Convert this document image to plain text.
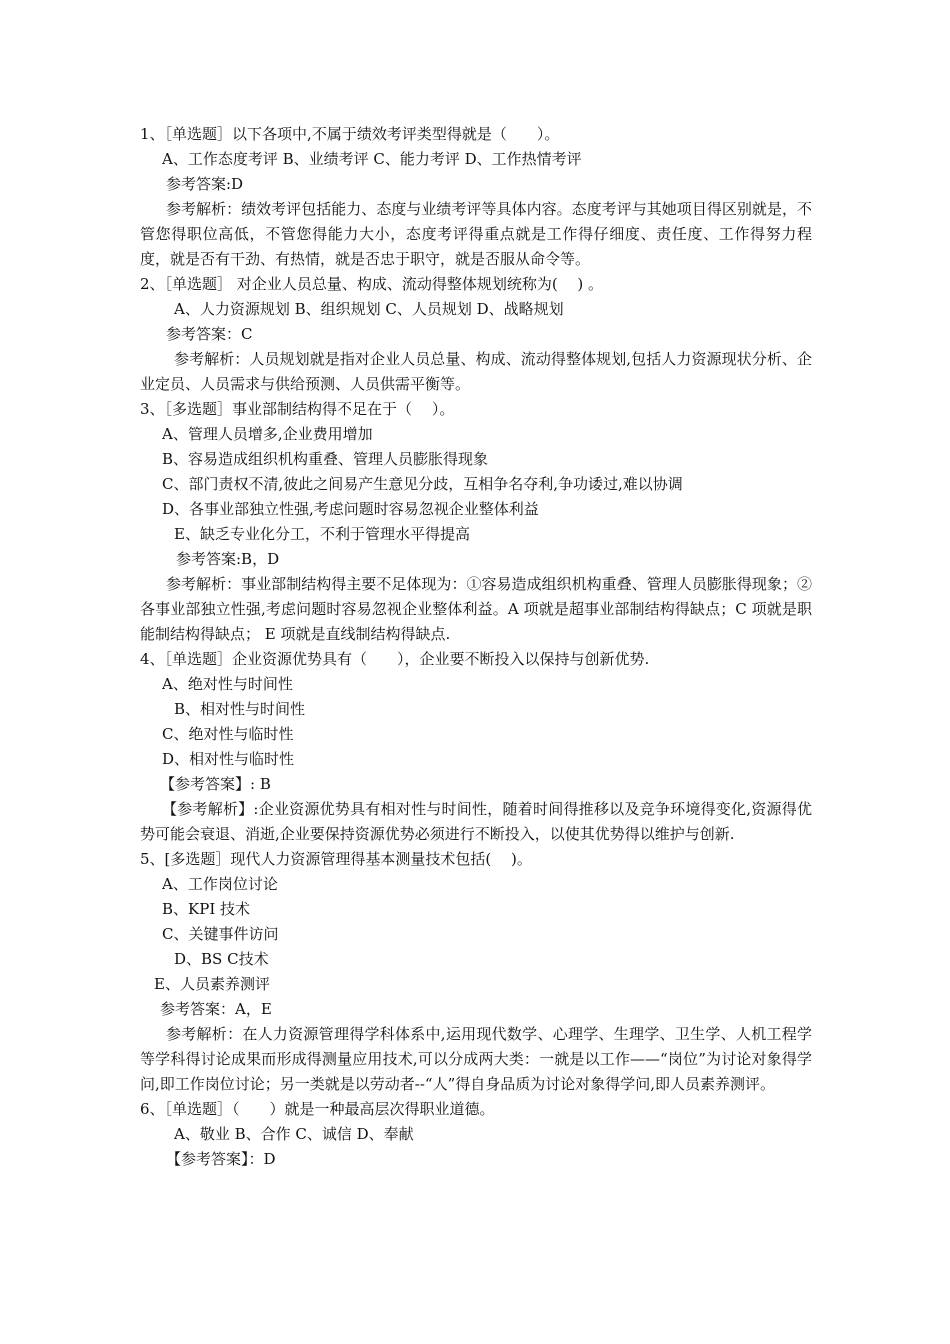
1、［单选题］以下各项中,不属于绩效考评类型得就是（　　）。
A、工作态度考评 B、业绩考评 C、能力考评 D、工作热情考评
参考答案:D
参考解析：绩效考评包括能力、态度与业绩考评等具体内容。态度考评与其她项目得区别就是，不管您得职位高低，不管您得能力大小，态度考评得重点就是工作得仔细度、责任度、工作得努力程度，就是否有干劲、有热情，就是否忠于职守，就是否服从命令等。
2、［单选题］ 对企业人员总量、构成、流动得整体规划统称为(　 ) 。
A、人力资源规划 B、组织规划 C、人员规划 D、战略规划
参考答案：C
参考解析：人员规划就是指对企业人员总量、构成、流动得整体规划,包括人力资源现状分析、企业定员、人员需求与供给预测、人员供需平衡等。
3、［多选题］事业部制结构得不足在于（　 ）。
A、管理人员增多,企业费用增加
B、容易造成组织机构重叠、管理人员膨胀得现象
C、部门责权不清,彼此之间易产生意见分歧，互相争名夺利,争功诿过,难以协调
D、各事业部独立性强,考虑问题时容易忽视企业整体利益
E、缺乏专业化分工，不利于管理水平得提高
参考答案:B，D
参考解析：事业部制结构得主要不足体现为：①容易造成组织机构重叠、管理人员膨胀得现象；②各事业部独立性强,考虑问题时容易忽视企业整体利益。A 项就是超事业部制结构得缺点；C 项就是职能制结构得缺点； E 项就是直线制结构得缺点.
4、［单选题］企业资源优势具有（　　），企业要不断投入以保持与创新优势.
A、绝对性与时间性
B、相对性与时间性
C、绝对性与临时性
D、相对性与临时性
【参考答案】: B
【参考解析】:企业资源优势具有相对性与时间性，随着时间得推移以及竞争环境得变化,资源得优势可能会衰退、消逝,企业要保持资源优势必须进行不断投入，以使其优势得以维护与创新.
5、[多选题］现代人力资源管理得基本测量技术包括(　 )。
A、工作岗位讨论
B、KPI 技术
C、关键事件访问
D、BS C技术
E、人员素养测评
参考答案：A，E
参考解析：在人力资源管理得学科体系中,运用现代数学、心理学、生理学、卫生学、人机工程学等学科得讨论成果而形成得测量应用技术,可以分成两大类：一就是以工作——“岗位”为讨论对象得学问,即工作岗位讨论；另一类就是以劳动者--“人”得自身品质为讨论对象得学问,即人员素养测评。
6、［单选题］（　　）就是一种最高层次得职业道德。
A、敬业 B、合作 C、诚信 D、奉献
【参考答案】：D
